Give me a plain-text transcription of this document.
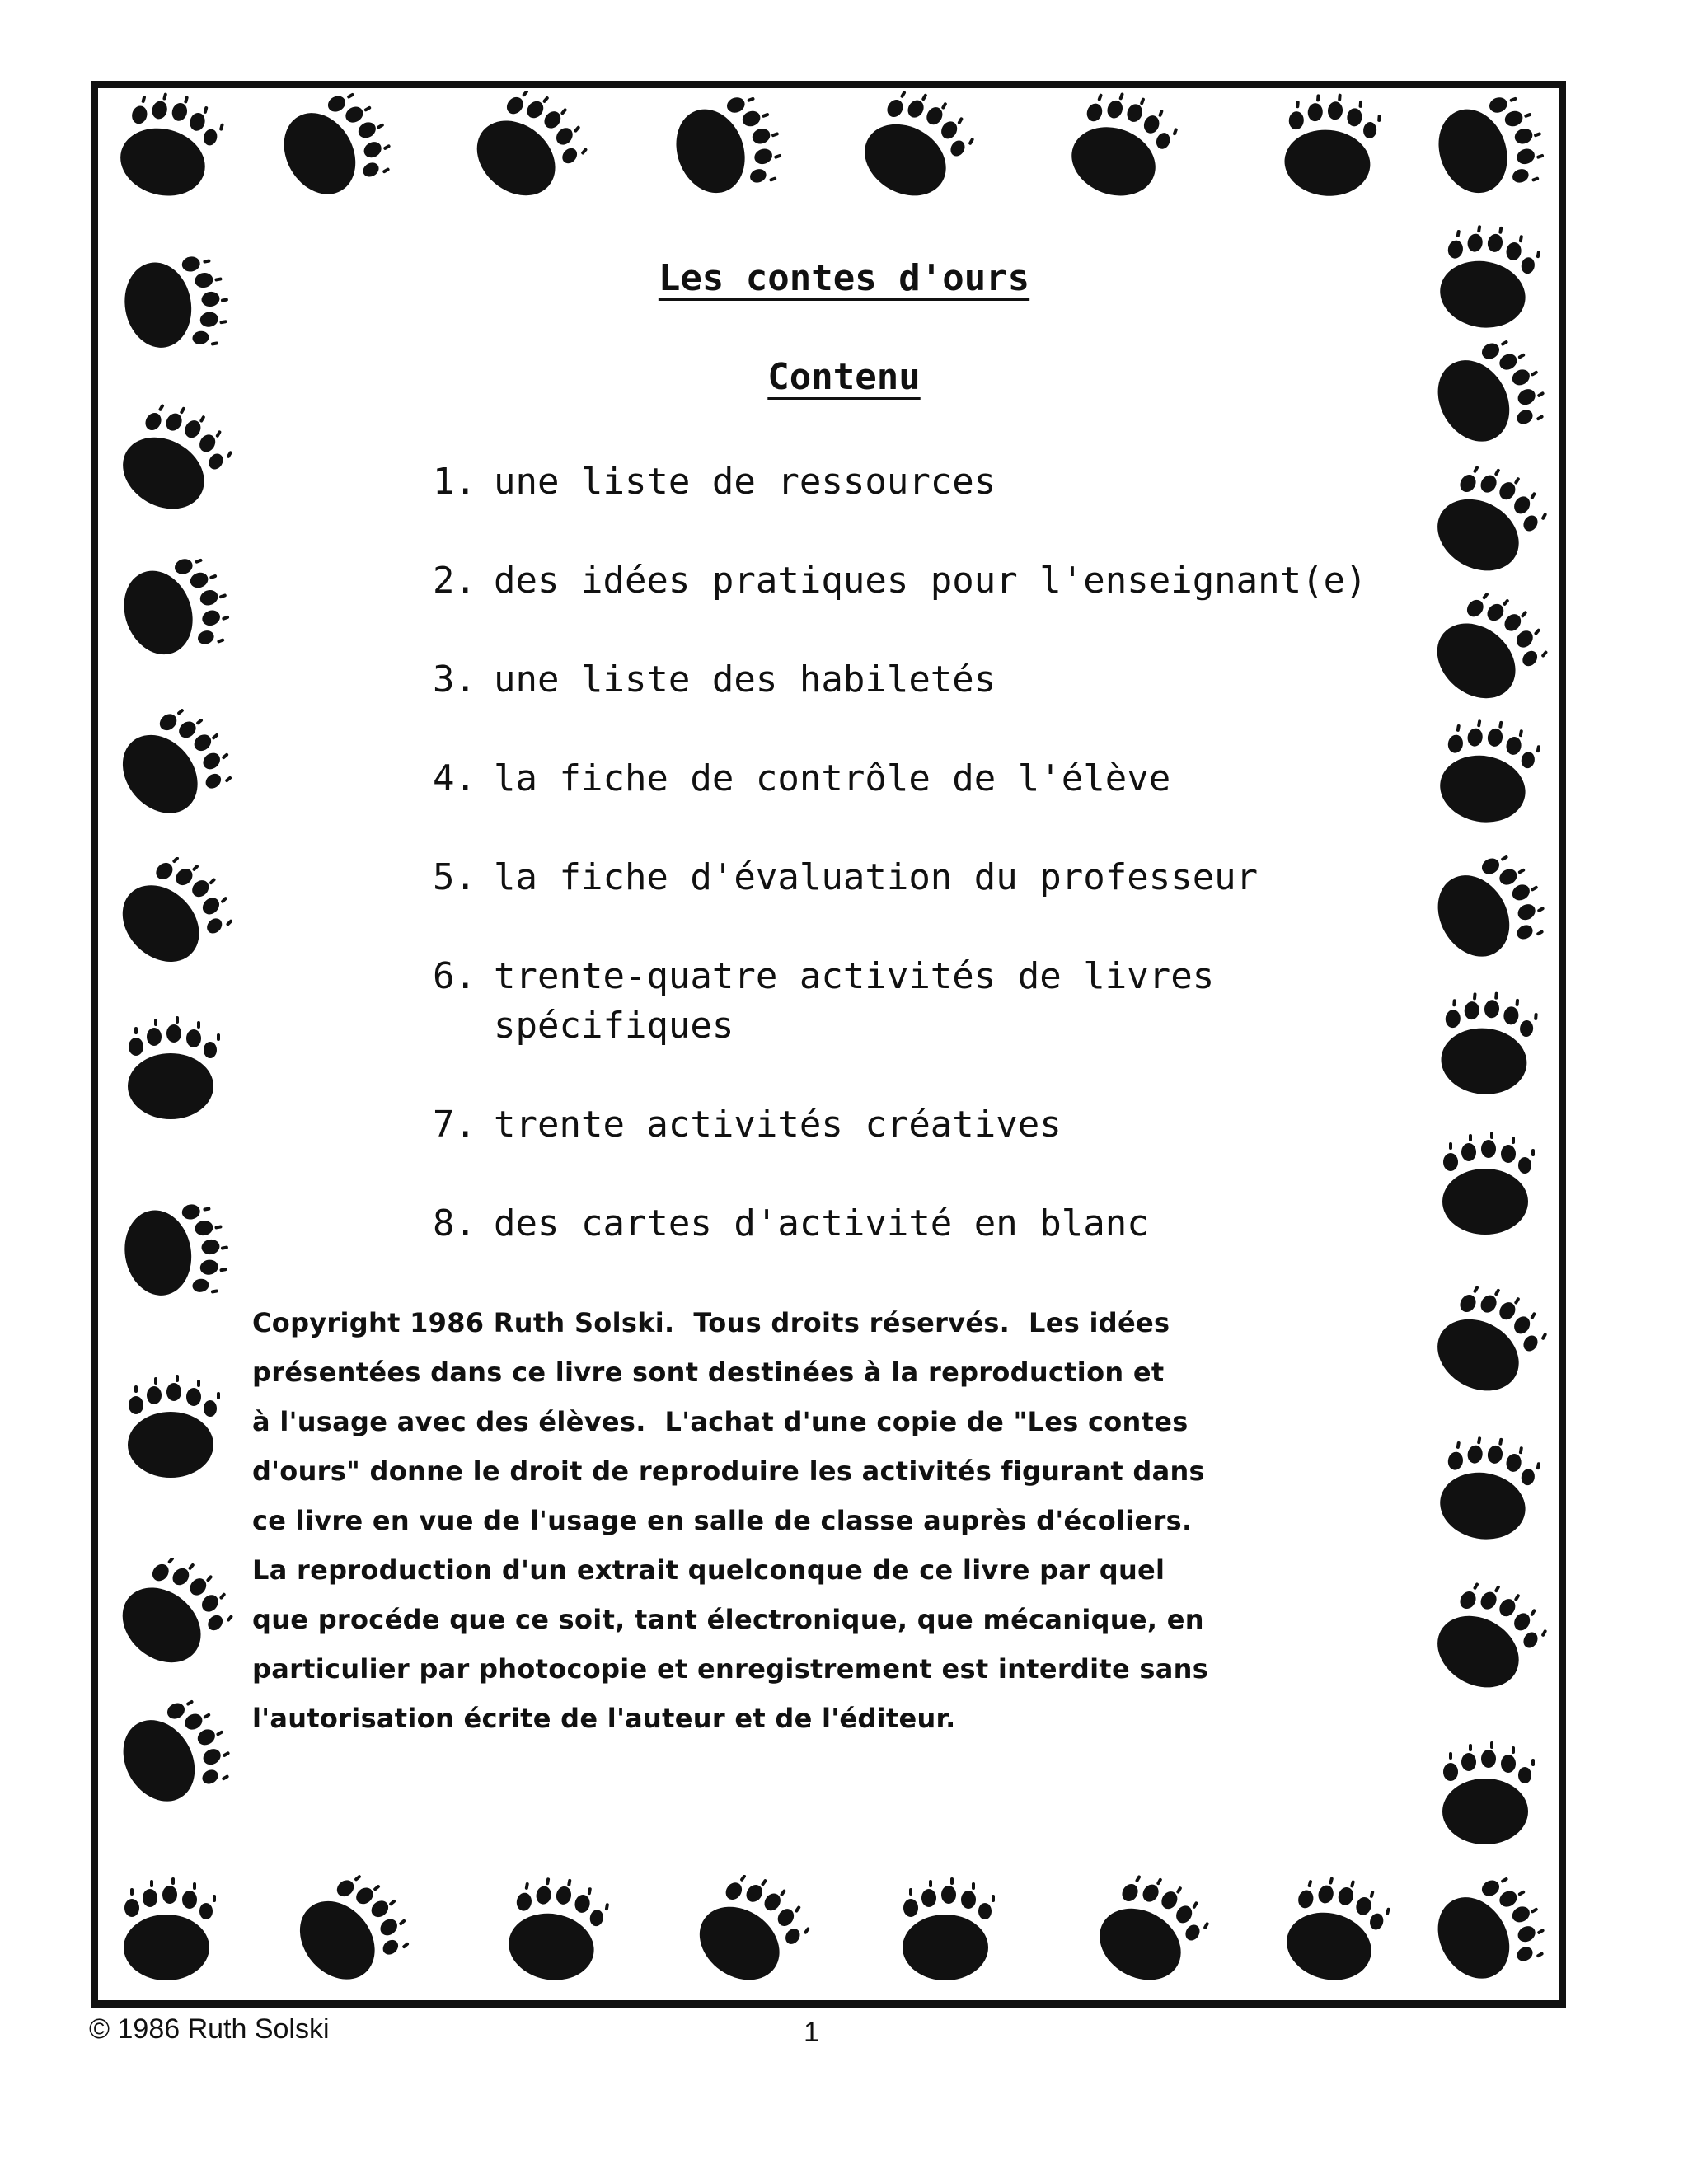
Les contes d'ours
Contenu
1. une liste de ressources
2. des idées pratiques pour l'enseignant(e)
3. une liste des habiletés
4. la fiche de contrôle de l'élève
5. la fiche d'évaluation du professeur
6. trente-quatre activités de livres
spécifiques
7. trente activités créatives
8. des cartes d'activité en blanc
Copyright 1986 Ruth Solski.  Tous droits réservés.  Les idées
présentées dans ce livre sont destinées à la reproduction et
à l'usage avec des élèves.  L'achat d'une copie de "Les contes
d'ours" donne le droit de reproduire les activités figurant dans
ce livre en vue de l'usage en salle de classe auprès d'écoliers.
La reproduction d'un extrait quelconque de ce livre par quel
que procéde que ce soit, tant électronique, que mécanique, en
particulier par photocopie et enregistrement est interdite sans
l'autorisation écrite de l'auteur et de l'éditeur.
© 1986 Ruth Solski	1
